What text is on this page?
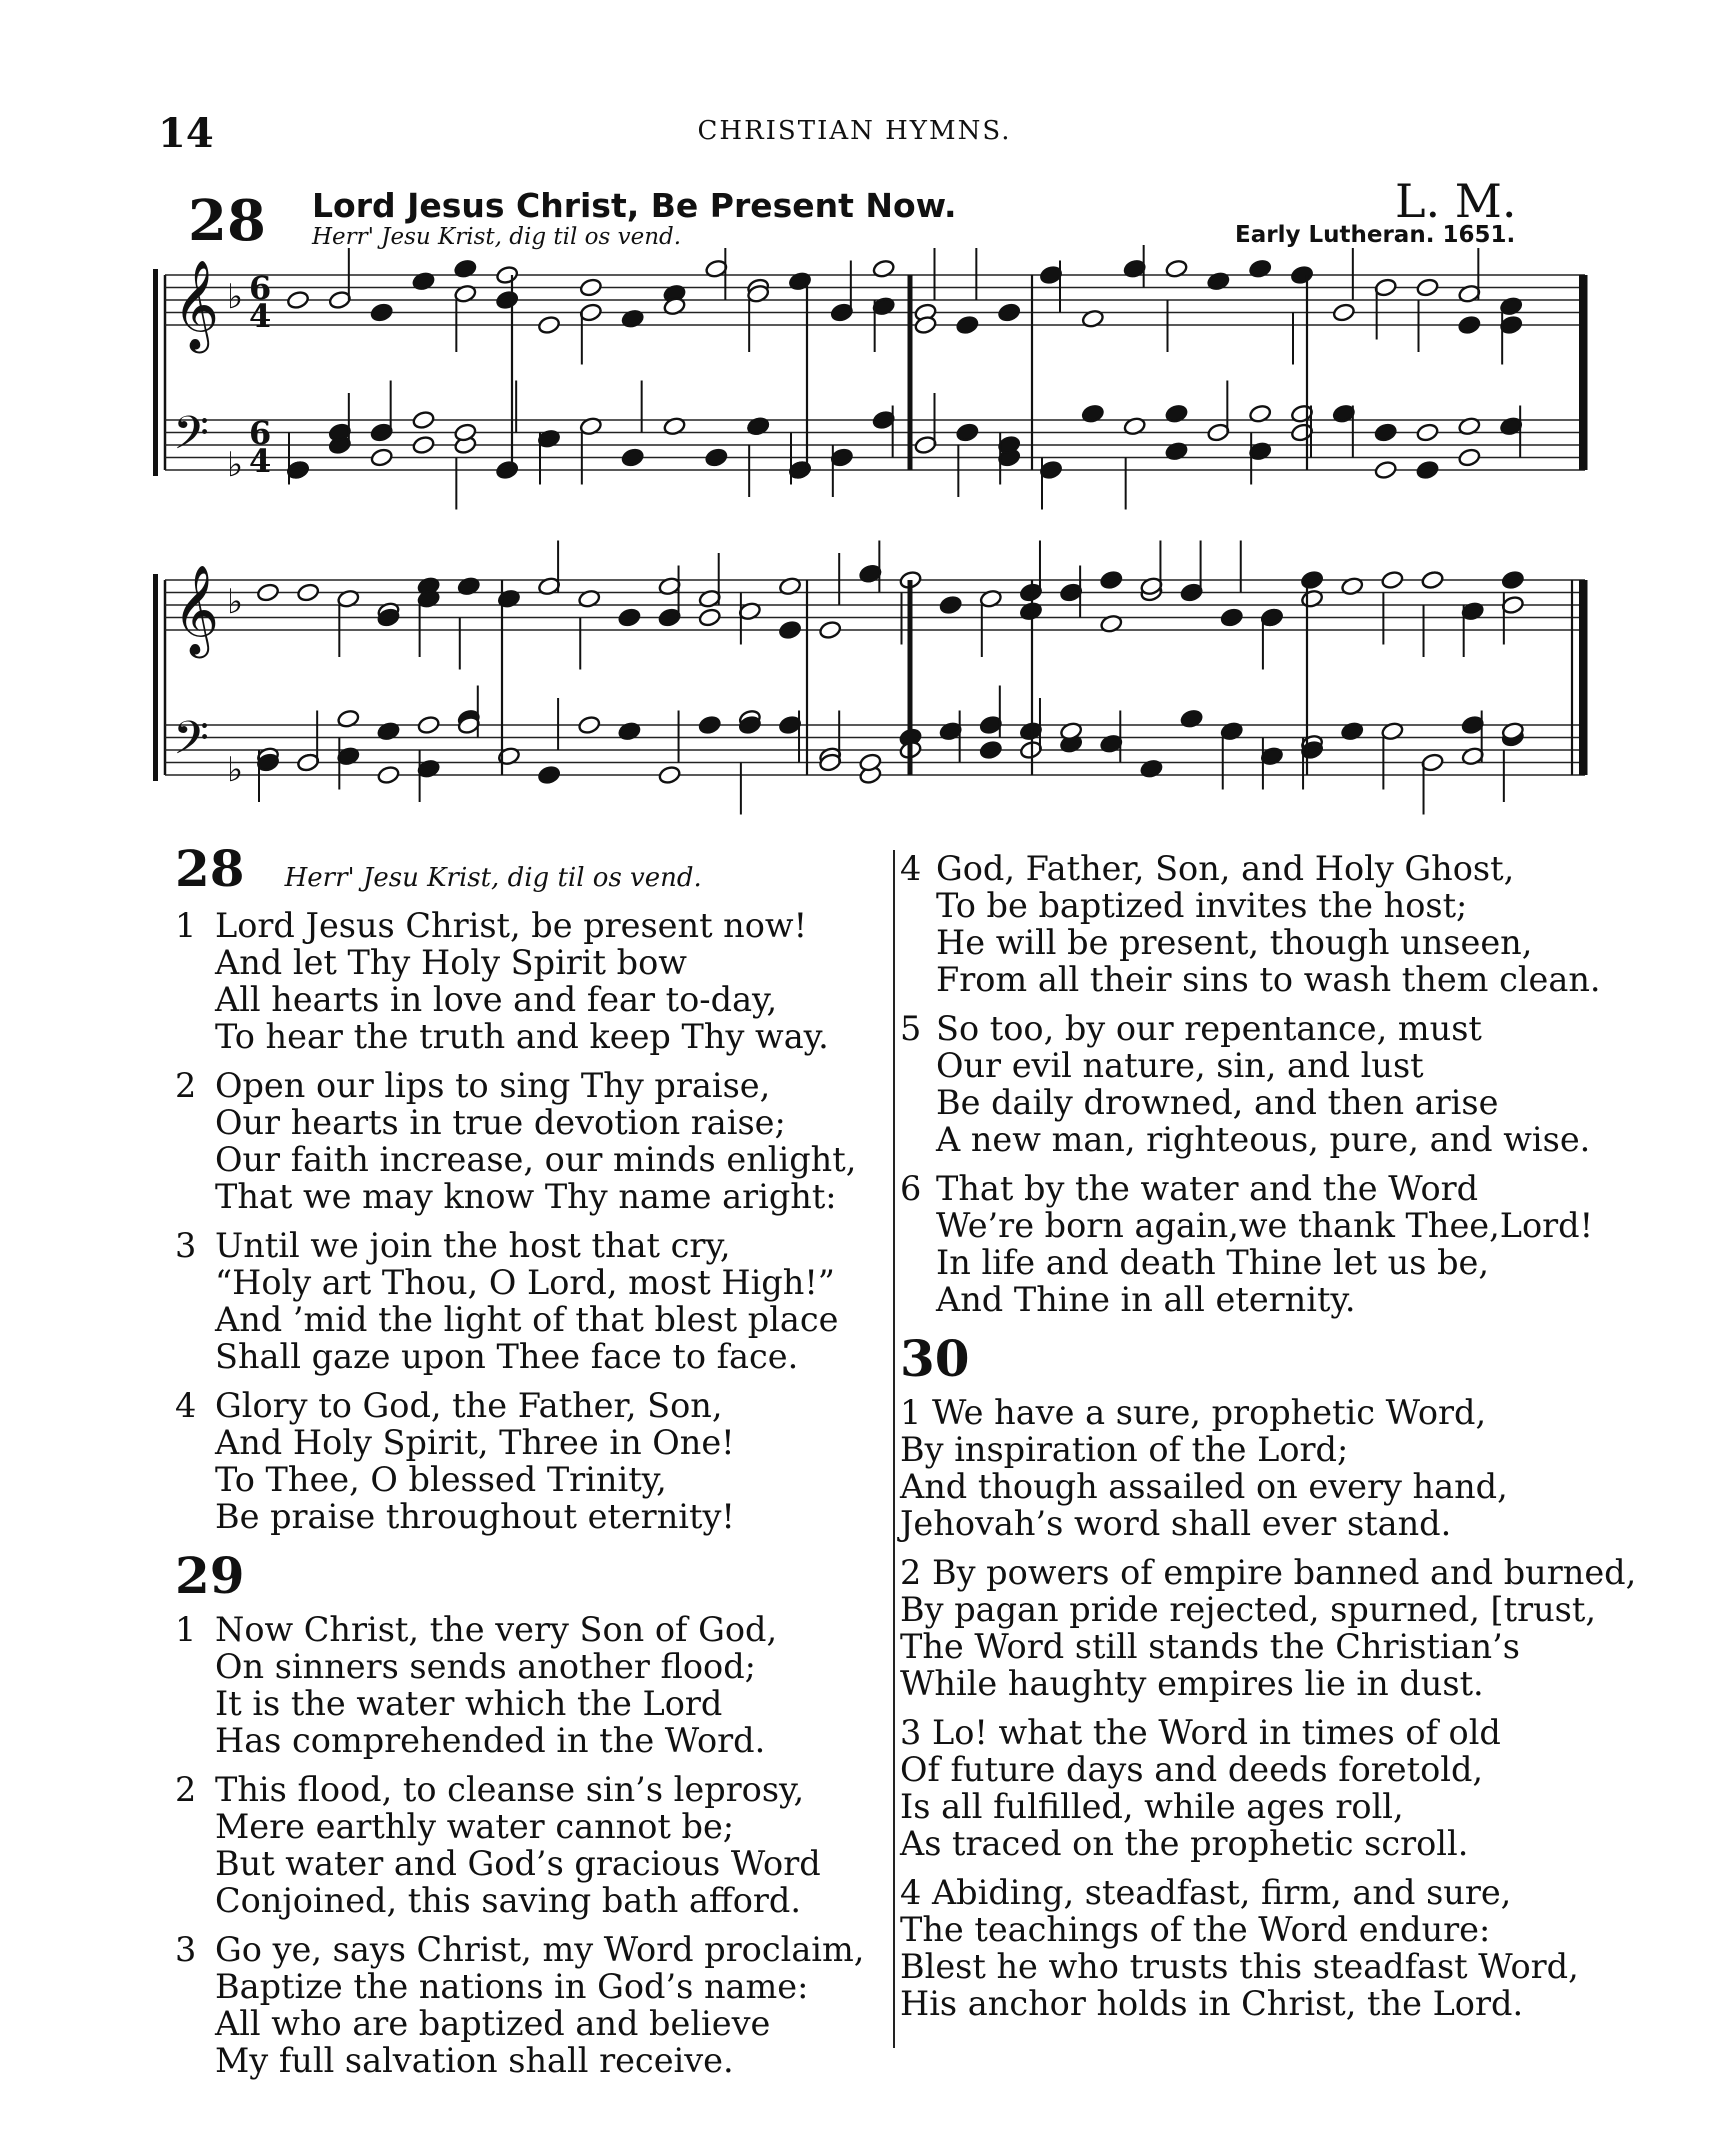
14	CHRISTIAN HYMNS.
28 Lord Jesus Christ, Be Present Now.
Herr' Jesu Krist, dig til os vend.
L. M.
Early Lutheran. 1651.
𝄞 ♭ 6
4
𝄢 ♭
6
4
𝄞 ♭
𝄢 ♭
28 Herr' Jesu Krist, dig til os vend.
1 Lord Jesus Christ, be present now!
And let Thy Holy Spirit bow
All hearts in love and fear to-day,
To hear the truth and keep Thy way.
2 Open our lips to sing Thy praise,
Our hearts in true devotion raise;
Our faith increase, our minds enlight,
That we may know Thy name aright:
3 Until we join the host that cry,
“Holy art Thou, O Lord, most High!”
And ’mid the light of that blest place
Shall gaze upon Thee face to face.
4 Glory to God, the Father, Son,
And Holy Spirit, Three in One!
To Thee, O blessed Trinity,
Be praise throughout eternity!
29
1 Now Christ, the very Son of God,
On sinners sends another flood;
It is the water which the Lord
Has comprehended in the Word.
2 This flood, to cleanse sin’s leprosy,
Mere earthly water cannot be;
But water and God’s gracious Word
Conjoined, this saving bath afford.
3 Go ye, says Christ, my Word proclaim,
Baptize the nations in God’s name:
All who are baptized and believe
My full salvation shall receive.
4 God, Father, Son, and Holy Ghost,
To be baptized invites the host;
He will be present, though unseen,
From all their sins to wash them clean.
5 So too, by our repentance, must
Our evil nature, sin, and lust
Be daily drowned, and then arise
A new man, righteous, pure, and wise.
6 That by the water and the Word
We’re born again,we thank Thee,Lord!
In life and death Thine let us be,
And Thine in all eternity.
30
1 We have a sure, prophetic Word,
By inspiration of the Lord;
And though assailed on every hand,
Jehovah’s word shall ever stand.
2 By powers of empire banned and burned,
By pagan pride rejected, spurned, [trust,
The Word still stands the Christian’s
While haughty empires lie in dust.
3 Lo! what the Word in times of old
Of future days and deeds foretold,
Is all fulfilled, while ages roll,
As traced on the prophetic scroll.
4 Abiding, steadfast, firm, and sure,
The teachings of the Word endure:
Blest he who trusts this steadfast Word,
His anchor holds in Christ, the Lord.
